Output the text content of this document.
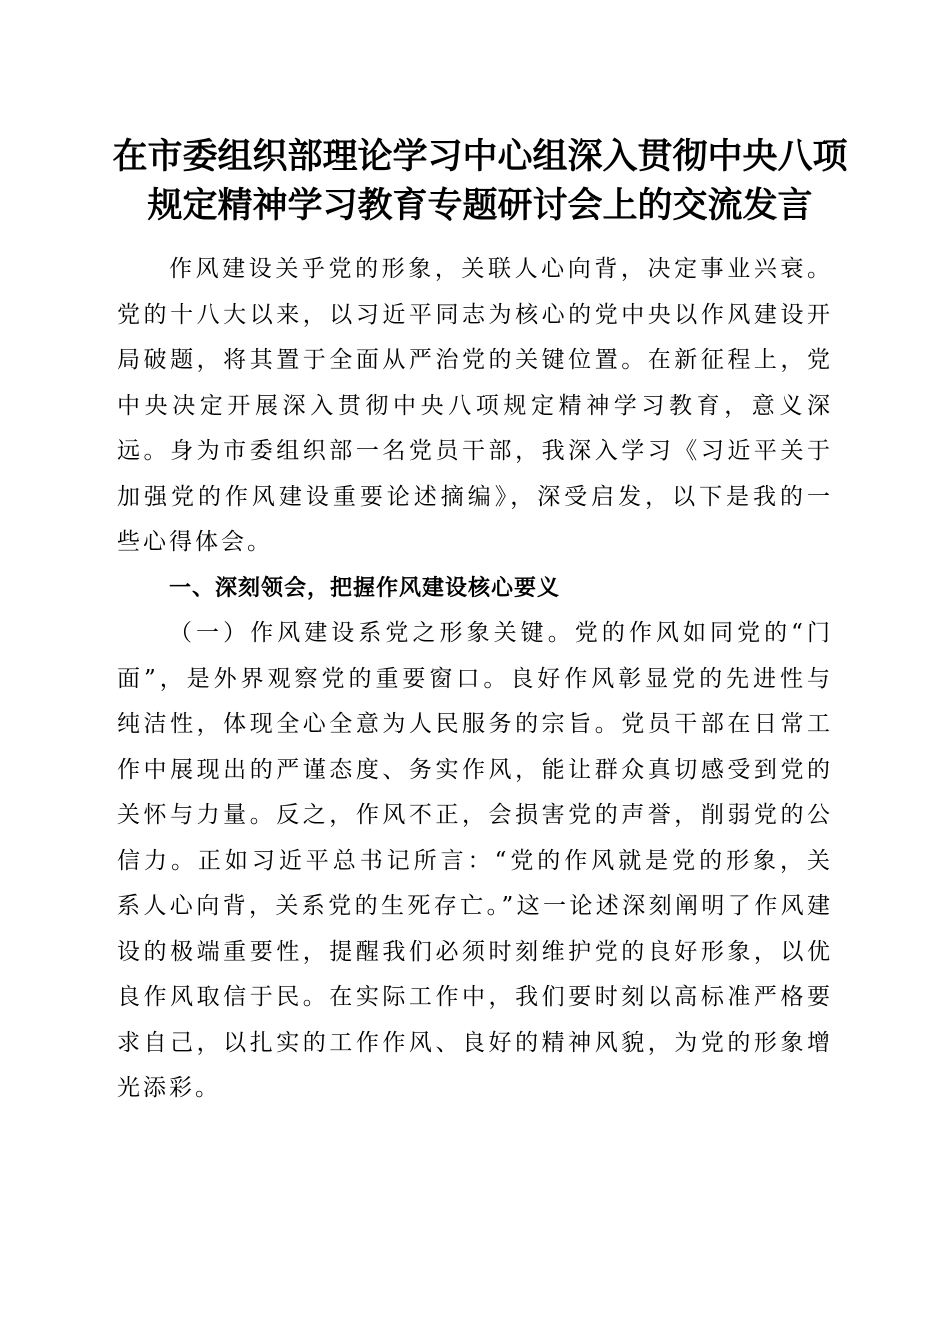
在市委组织部理论学习中心组深入贯彻中央八项规定精神学习教育专题研讨会上的交流发言

作风建设关乎党的形象，关联人心向背，决定事业兴衰。党的十八大以来，以习近平同志为核心的党中央以作风建设开局破题，将其置于全面从严治党的关键位置。在新征程上，党中央决定开展深入贯彻中央八项规定精神学习教育，意义深远。身为市委组织部一名党员干部，我深入学习《习近平关于加强党的作风建设重要论述摘编》，深受启发，以下是我的一些心得体会。

一、深刻领会，把握作风建设核心要义

（一）作风建设系党之形象关键。党的作风如同党的“门面”，是外界观察党的重要窗口。良好作风彰显党的先进性与纯洁性，体现全心全意为人民服务的宗旨。党员干部在日常工作中展现出的严谨态度、务实作风，能让群众真切感受到党的关怀与力量。反之，作风不正，会损害党的声誉，削弱党的公信力。正如习近平总书记所言：“党的作风就是党的形象，关系人心向背，关系党的生死存亡。”这一论述深刻阐明了作风建设的极端重要性，提醒我们必须时刻维护党的良好形象，以优良作风取信于民。在实际工作中，我们要时刻以高标准严格要求自己，以扎实的工作作风、良好的精神风貌，为党的形象增光添彩。
